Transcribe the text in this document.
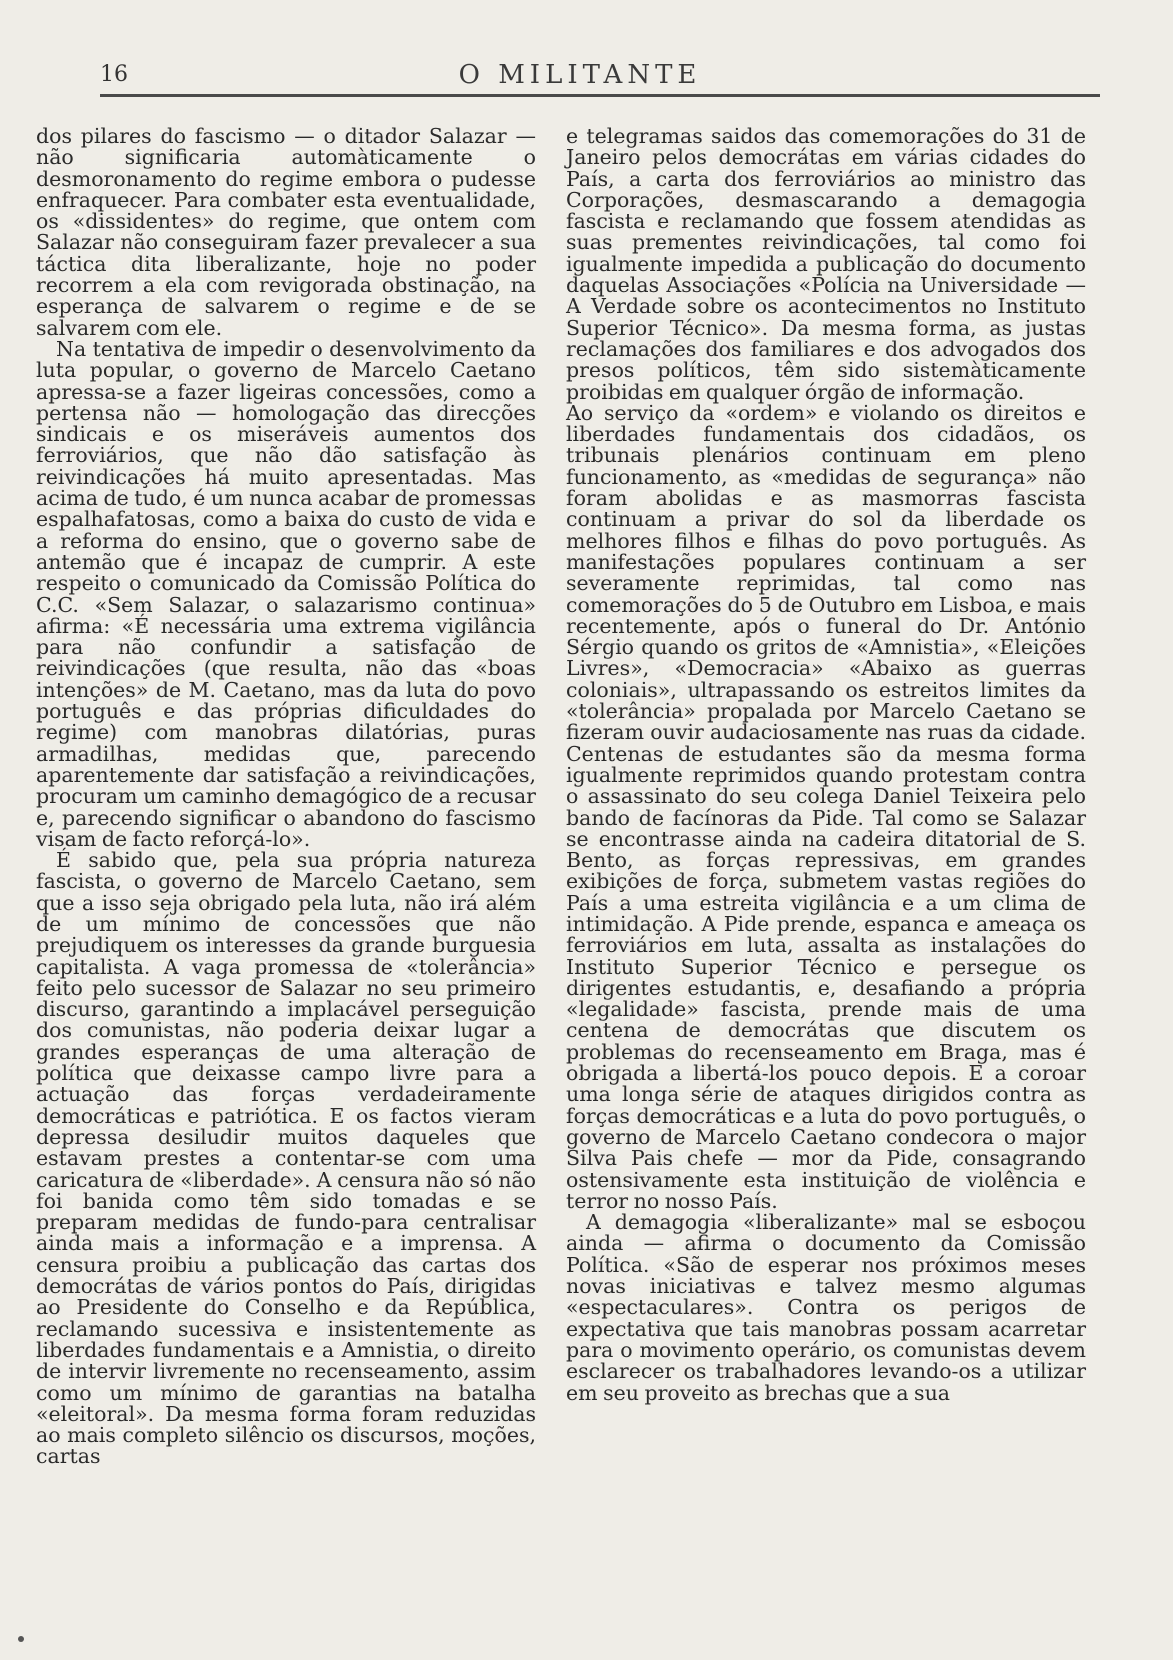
16	O MILITANTE

dos pilares do fascismo — o ditador Salazar — não significaria automàticamente o desmoronamento do regime embora o pudesse enfraquecer. Para combater esta eventualidade, os «dissidentes» do regime, que ontem com Salazar não conseguiram fazer prevalecer a sua táctica dita liberalizante, hoje no poder recorrem a ela com revigorada obstinação, na esperança de salvarem o regime e de se salvarem com ele.

Na tentativa de impedir o desenvolvimento da luta popular, o governo de Marcelo Caetano apressa-se a fazer ligeiras concessões, como a pertensa não — homologação das direcções sindicais e os miseráveis aumentos dos ferroviários, que não dão satisfação às reivindicações há muito apresentadas. Mas acima de tudo, é um nunca acabar de promessas espalhafatosas, como a baixa do custo de vida e a reforma do ensino, que o governo sabe de antemão que é incapaz de cumprir. A este respeito o comunicado da Comissão Política do C.C. «Sem Salazar, o salazarismo continua» afirma: «É necessária uma extrema vigilância para não confundir a satisfação de reivindicações (que resulta, não das «boas intenções» de M. Caetano, mas da luta do povo português e das próprias dificuldades do regime) com manobras dilatórias, puras armadilhas, medidas que, parecendo aparentemente dar satisfação a reivindicações, procuram um caminho demagógico de a recusar e, parecendo significar o abandono do fascismo visam de facto reforçá-lo».

É sabido que, pela sua própria natureza fascista, o governo de Marcelo Caetano, sem que a isso seja obrigado pela luta, não irá além de um mínimo de concessões que não prejudiquem os interesses da grande burguesia capitalista. A vaga promessa de «tolerância» feito pelo sucessor de Salazar no seu primeiro discurso, garantindo a implacável perseguição dos comunistas, não poderia deixar lugar a grandes esperanças de uma alteração de política que deixasse campo livre para a actuação das forças verdadeiramente democráticas e patriótica. E os factos vieram depressa desiludir muitos daqueles que estavam prestes a contentar-se com uma caricatura de «liberdade». A censura não só não foi banida como têm sido tomadas e se preparam medidas de fundo-para centralisar ainda mais a informação e a imprensa. A censura proibiu a publicação das cartas dos democrátas de vários pontos do País, dirigidas ao Presidente do Conselho e da República, reclamando sucessiva e insistentemente as liberdades fundamentais e a Amnistia, o direito de intervir livremente no recenseamento, assim como um mínimo de garantias na batalha «eleitoral». Da mesma forma foram reduzidas ao mais completo silêncio os discursos, moções, cartas

e telegramas saidos das comemorações do 31 de Janeiro pelos democrátas em várias cidades do País, a carta dos ferroviários ao ministro das Corporações, desmascarando a demagogia fascista e reclamando que fossem atendidas as suas prementes reivindicações, tal como foi igualmente impedida a publicação do documento daquelas Associações «Polícia na Universidade — A Verdade sobre os acontecimentos no Instituto Superior Técnico». Da mesma forma, as justas reclamações dos familiares e dos advogados dos presos políticos, têm sido sistemàticamente proibidas em qualquer órgão de informação.

Ao serviço da «ordem» e violando os direitos e liberdades fundamentais dos cidadãos, os tribunais plenários continuam em pleno funcionamento, as «medidas de segurança» não foram abolidas e as masmorras fascista continuam a privar do sol da liberdade os melhores filhos e filhas do povo português. As manifestações populares continuam a ser severamente reprimidas, tal como nas comemorações do 5 de Outubro em Lisboa, e mais recentemente, após o funeral do Dr. António Sérgio quando os gritos de «Amnistia», «Eleições Livres», «Democracia» «Abaixo as guerras coloniais», ultrapassando os estreitos limites da «tolerância» propalada por Marcelo Caetano se fizeram ouvir audaciosamente nas ruas da cidade. Centenas de estudantes são da mesma forma igualmente reprimidos quando protestam contra o assassinato do seu colega Daniel Teixeira pelo bando de facínoras da Pide. Tal como se Salazar se encontrasse ainda na cadeira ditatorial de S. Bento, as forças repressivas, em grandes exibições de força, submetem vastas regiões do País a uma estreita vigilância e a um clima de intimidação. A Pide prende, espanca e ameaça os ferroviários em luta, assalta as instalações do Instituto Superior Técnico e persegue os dirigentes estudantis, e, desafiando a própria «legalidade» fascista, prende mais de uma centena de democrátas que discutem os problemas do recenseamento em Braga, mas é obrigada a libertá-los pouco depois. E a coroar uma longa série de ataques dirigidos contra as forças democráticas e a luta do povo português, o governo de Marcelo Caetano condecora o major Silva Pais chefe — mor da Pide, consagrando ostensivamente esta instituição de violência e terror no nosso País.

A demagogia «liberalizante» mal se esboçou ainda — afirma o documento da Comissão Política. «São de esperar nos próximos meses novas iniciativas e talvez mesmo algumas «espectaculares». Contra os perigos de expectativa que tais manobras possam acarretar para o movimento operário, os comunistas devem esclarecer os trabalhadores levando-os a utilizar em seu proveito as brechas que a sua
